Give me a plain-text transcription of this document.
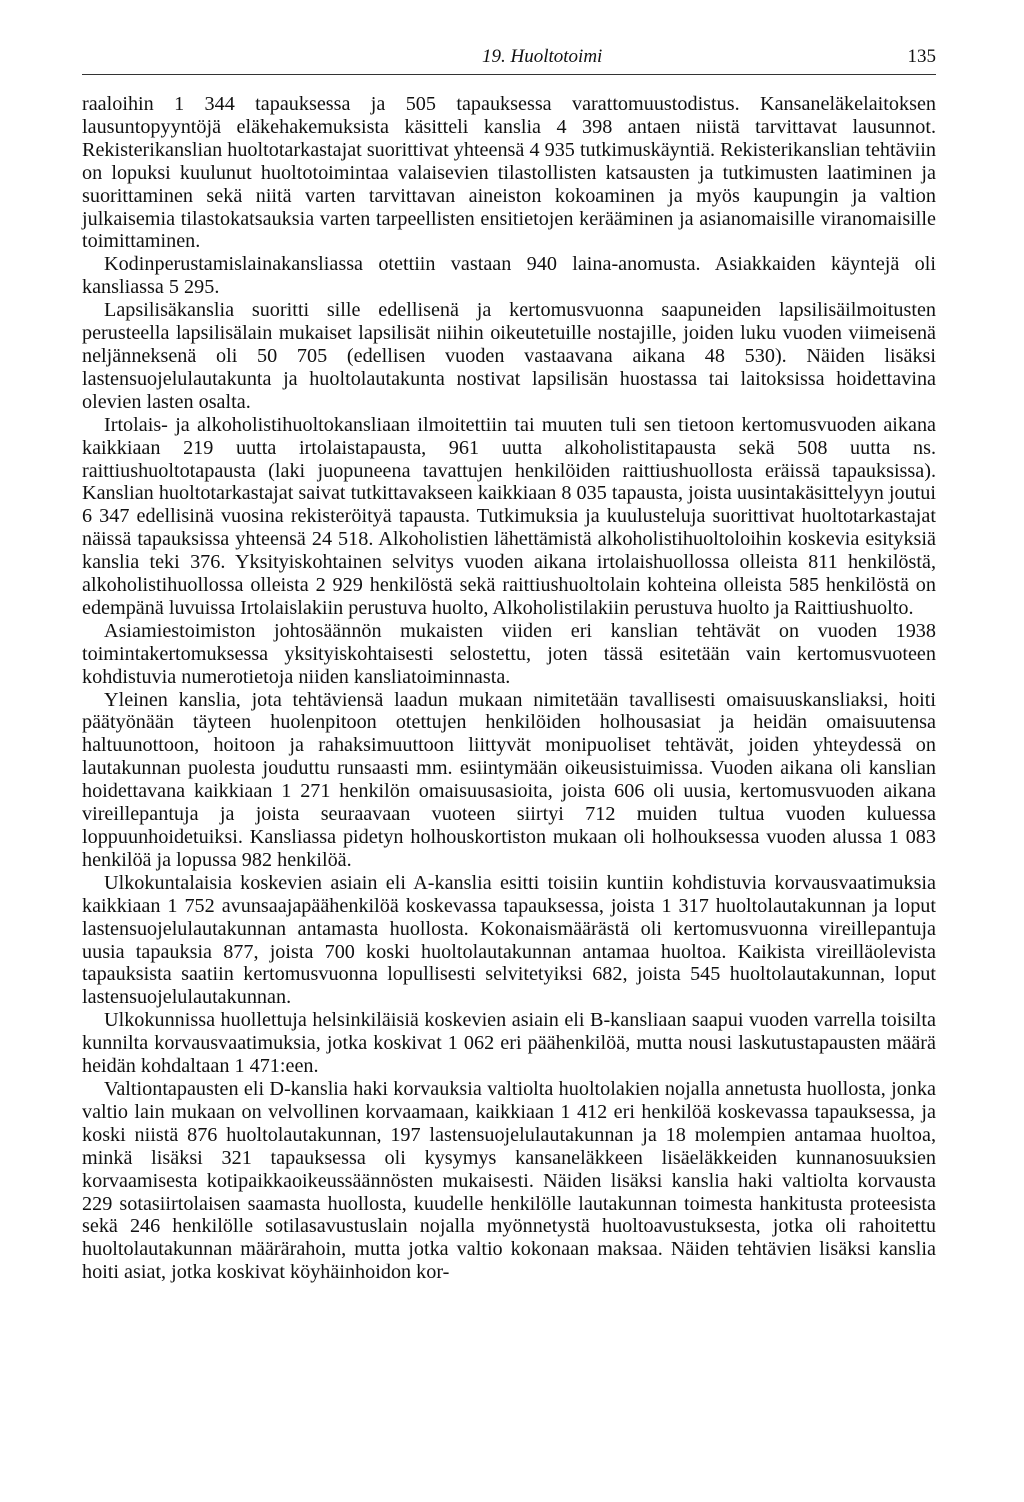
19. Huoltotoimi	135

raaloihin 1 344 tapauksessa ja 505 tapauksessa varattomuustodistus. Kansaneläkelaitoksen lausuntopyyntöjä eläkehakemuksista käsitteli kanslia 4 398 antaen niistä tarvittavat lausunnot. Rekisterikanslian huoltotarkastajat suorittivat yhteensä 4 935 tutkimuskäyntiä. Rekisterikanslian tehtäviin on lopuksi kuulunut huoltotoimintaa valaisevien tilastollisten katsausten ja tutkimusten laatiminen ja suorittaminen sekä niitä varten tarvittavan aineiston kokoaminen ja myös kaupungin ja valtion julkaisemia tilastokatsauksia varten tarpeellisten ensitietojen kerääminen ja asianomaisille viranomaisille toimittaminen.

Kodinperustamislainakansliassa otettiin vastaan 940 laina-anomusta. Asiakkaiden käyntejä oli kansliassa 5 295.

Lapsilisäkanslia suoritti sille edellisenä ja kertomusvuonna saapuneiden lapsilisäilmoitusten perusteella lapsilisälain mukaiset lapsilisät niihin oikeutetuille nostajille, joiden luku vuoden viimeisenä neljänneksenä oli 50 705 (edellisen vuoden vastaavana aikana 48 530). Näiden lisäksi lastensuojelulautakunta ja huoltolautakunta nostivat lapsilisän huostassa tai laitoksissa hoidettavina olevien lasten osalta.

Irtolais- ja alkoholistihuoltokansliaan ilmoitettiin tai muuten tuli sen tietoon kertomusvuoden aikana kaikkiaan 219 uutta irtolaistapausta, 961 uutta alkoholistitapausta sekä 508 uutta ns. raittiushuoltotapausta (laki juopuneena tavattujen henkilöiden raittiushuollosta eräissä tapauksissa). Kanslian huoltotarkastajat saivat tutkittavakseen kaikkiaan 8 035 tapausta, joista uusintakäsittelyyn joutui 6 347 edellisinä vuosina rekisteröityä tapausta. Tutkimuksia ja kuulusteluja suorittivat huoltotarkastajat näissä tapauksissa yhteensä 24 518. Alkoholistien lähettämistä alkoholistihuoltoloihin koskevia esityksiä kanslia teki 376. Yksityiskohtainen selvitys vuoden aikana irtolaishuollossa olleista 811 henkilöstä, alkoholistihuollossa olleista 2 929 henkilöstä sekä raittiushuoltolain kohteina olleista 585 henkilöstä on edempänä luvuissa Irtolaislakiin perustuva huolto, Alkoholistilakiin perustuva huolto ja Raittiushuolto.

Asiamiestoimiston johtosäännön mukaisten viiden eri kanslian tehtävät on vuoden 1938 toimintakertomuksessa yksityiskohtaisesti selostettu, joten tässä esitetään vain kertomusvuoteen kohdistuvia numerotietoja niiden kansliatoiminnasta.

Yleinen kanslia, jota tehtäviensä laadun mukaan nimitetään tavallisesti omaisuuskansliaksi, hoiti päätyönään täyteen huolenpitoon otettujen henkilöiden holhousasiat ja heidän omaisuutensa haltuunottoon, hoitoon ja rahaksimuuttoon liittyvät monipuoliset tehtävät, joiden yhteydessä on lautakunnan puolesta jouduttu runsaasti mm. esiintymään oikeusistuimissa. Vuoden aikana oli kanslian hoidettavana kaikkiaan 1 271 henkilön omaisuusasioita, joista 606 oli uusia, kertomusvuoden aikana vireillepantuja ja joista seuraavaan vuoteen siirtyi 712 muiden tultua vuoden kuluessa loppuunhoidetuiksi. Kansliassa pidetyn holhouskortiston mukaan oli holhouksessa vuoden alussa 1 083 henkilöä ja lopussa 982 henkilöä.

Ulkokuntalaisia koskevien asiain eli A-kanslia esitti toisiin kuntiin kohdistuvia korvausvaatimuksia kaikkiaan 1 752 avunsaajapäähenkilöä koskevassa tapauksessa, joista 1 317 huoltolautakunnan ja loput lastensuojelulautakunnan antamasta huollosta. Kokonaismäärästä oli kertomusvuonna vireillepantuja uusia tapauksia 877, joista 700 koski huoltolautakunnan antamaa huoltoa. Kaikista vireilläolevista tapauksista saatiin kertomusvuonna lopullisesti selvitetyiksi 682, joista 545 huoltolautakunnan, loput lastensuojelulautakunnan.

Ulkokunnissa huollettuja helsinkiläisiä koskevien asiain eli B-kansliaan saapui vuoden varrella toisilta kunnilta korvausvaatimuksia, jotka koskivat 1 062 eri päähenkilöä, mutta nousi laskutustapausten määrä heidän kohdaltaan 1 471:een.

Valtiontapausten eli D-kanslia haki korvauksia valtiolta huoltolakien nojalla annetusta huollosta, jonka valtio lain mukaan on velvollinen korvaamaan, kaikkiaan 1 412 eri henkilöä koskevassa tapauksessa, ja koski niistä 876 huoltolautakunnan, 197 lastensuojelulautakunnan ja 18 molempien antamaa huoltoa, minkä lisäksi 321 tapauksessa oli kysymys kansaneläkkeen lisäeläkkeiden kunnanosuuksien korvaamisesta kotipaikkaoikeussäännösten mukaisesti. Näiden lisäksi kanslia haki valtiolta korvausta 229 sotasiirtolaisen saamasta huollosta, kuudelle henkilölle lautakunnan toimesta hankitusta proteesista sekä 246 henkilölle sotilasavustuslain nojalla myönnetystä huoltoavustuksesta, jotka oli rahoitettu huoltolautakunnan määrärahoin, mutta jotka valtio kokonaan maksaa. Näiden tehtävien lisäksi kanslia hoiti asiat, jotka koskivat köyhäinhoidon kor-
